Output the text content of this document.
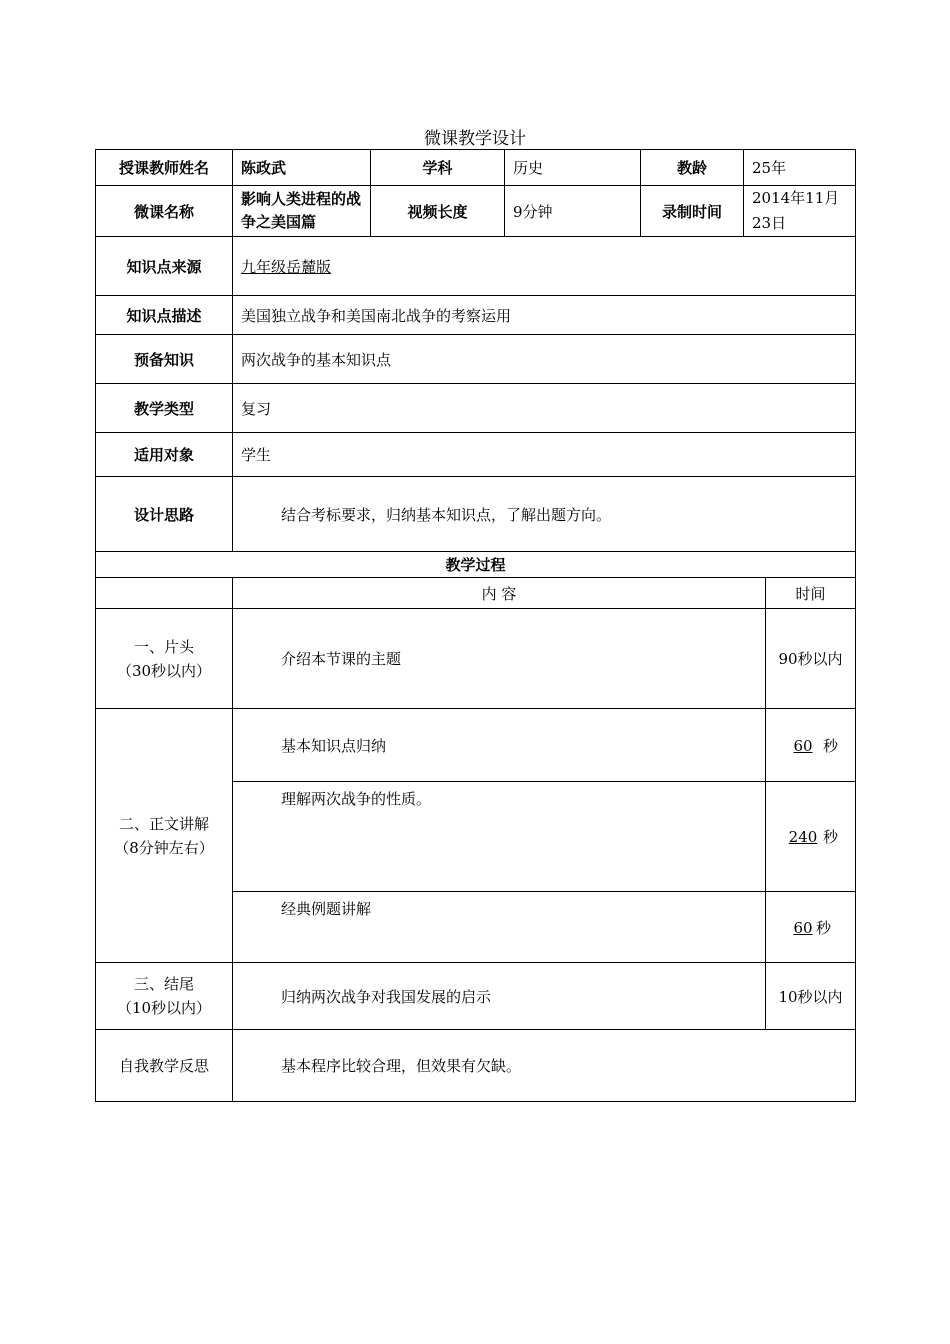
微课教学设计
授课教师姓名	陈政武	学科	历史	教龄	25年	
微课名称	影响人类进程的战争之美国篇	视频长度	9分钟	录制时间	2014年11月23日	
知识点来源	九年级岳麓版					
知识点描述	美国独立战争和美国南北战争的考察运用					
预备知识	两次战争的基本知识点					
教学类型	复习					
适用对象	学生					
设计思路	结合考标要求，归纳基本知识点，了解出题方向。					
教学过程						
	内 容					时间

一、片头
（30秒以内）	介绍本节课的主题					90秒以内

二、正文讲解
（8分钟左右）	基本知识点归纳					60 秒
	理解两次战争的性质。					240 秒
	经典例题讲解					60 秒

三、结尾
（10秒以内）	归纳两次战争对我国发展的启示					10秒以内
自我教学反思	基本程序比较合理，但效果有欠缺。					
